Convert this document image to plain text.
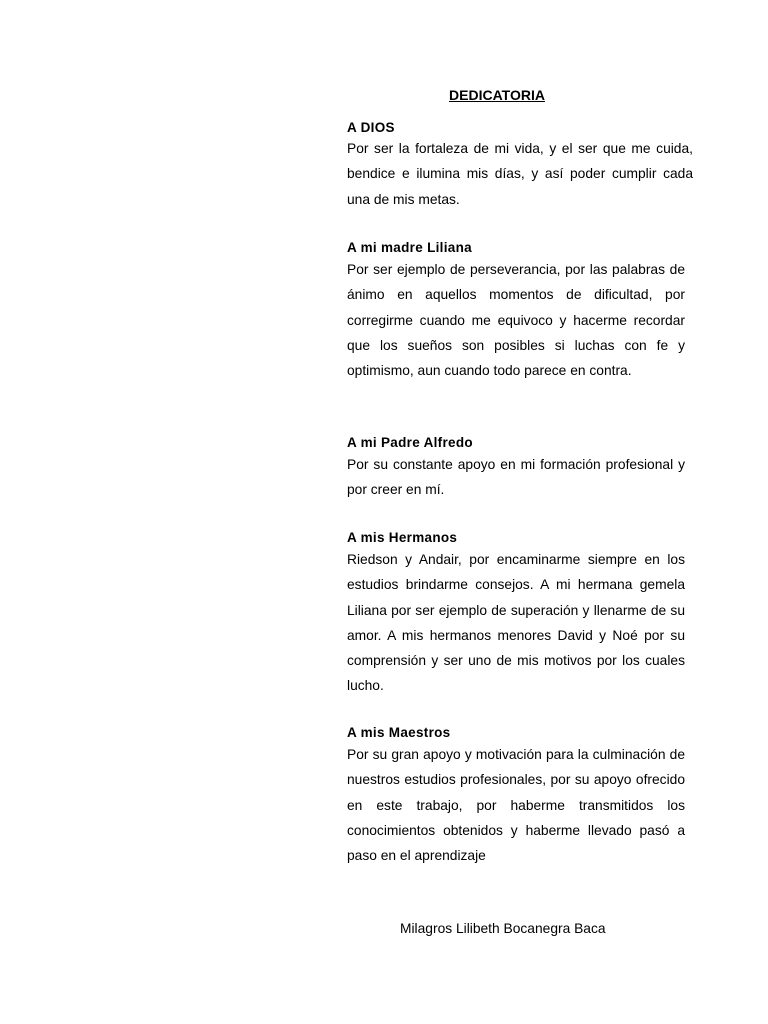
DEDICATORIA
A DIOS

Por ser la fortaleza de mi vida, y el ser que me cuida, bendice e ilumina mis días, y así poder cumplir cada una de mis metas.

A mi madre Liliana

Por ser ejemplo de perseverancia, por las palabras de ánimo en aquellos momentos de dificultad, por corregirme cuando me equivoco y hacerme recordar que los sueños son posibles si luchas con fe y optimismo, aun cuando todo parece en contra.

A mi Padre Alfredo

Por su constante apoyo en mi formación profesional y por creer en mí.

A mis Hermanos

Riedson y Andair, por encaminarme siempre en los estudios brindarme consejos. A mi hermana gemela Liliana por ser ejemplo de superación y llenarme de su amor. A mis hermanos menores David y Noé por su comprensión y ser uno de mis motivos por los cuales lucho.

A mis Maestros

Por su gran apoyo y motivación para la culminación de nuestros estudios profesionales, por su apoyo ofrecido en este trabajo, por haberme transmitidos los conocimientos obtenidos y haberme llevado pasó a paso en el aprendizaje

Milagros Lilibeth Bocanegra Baca
